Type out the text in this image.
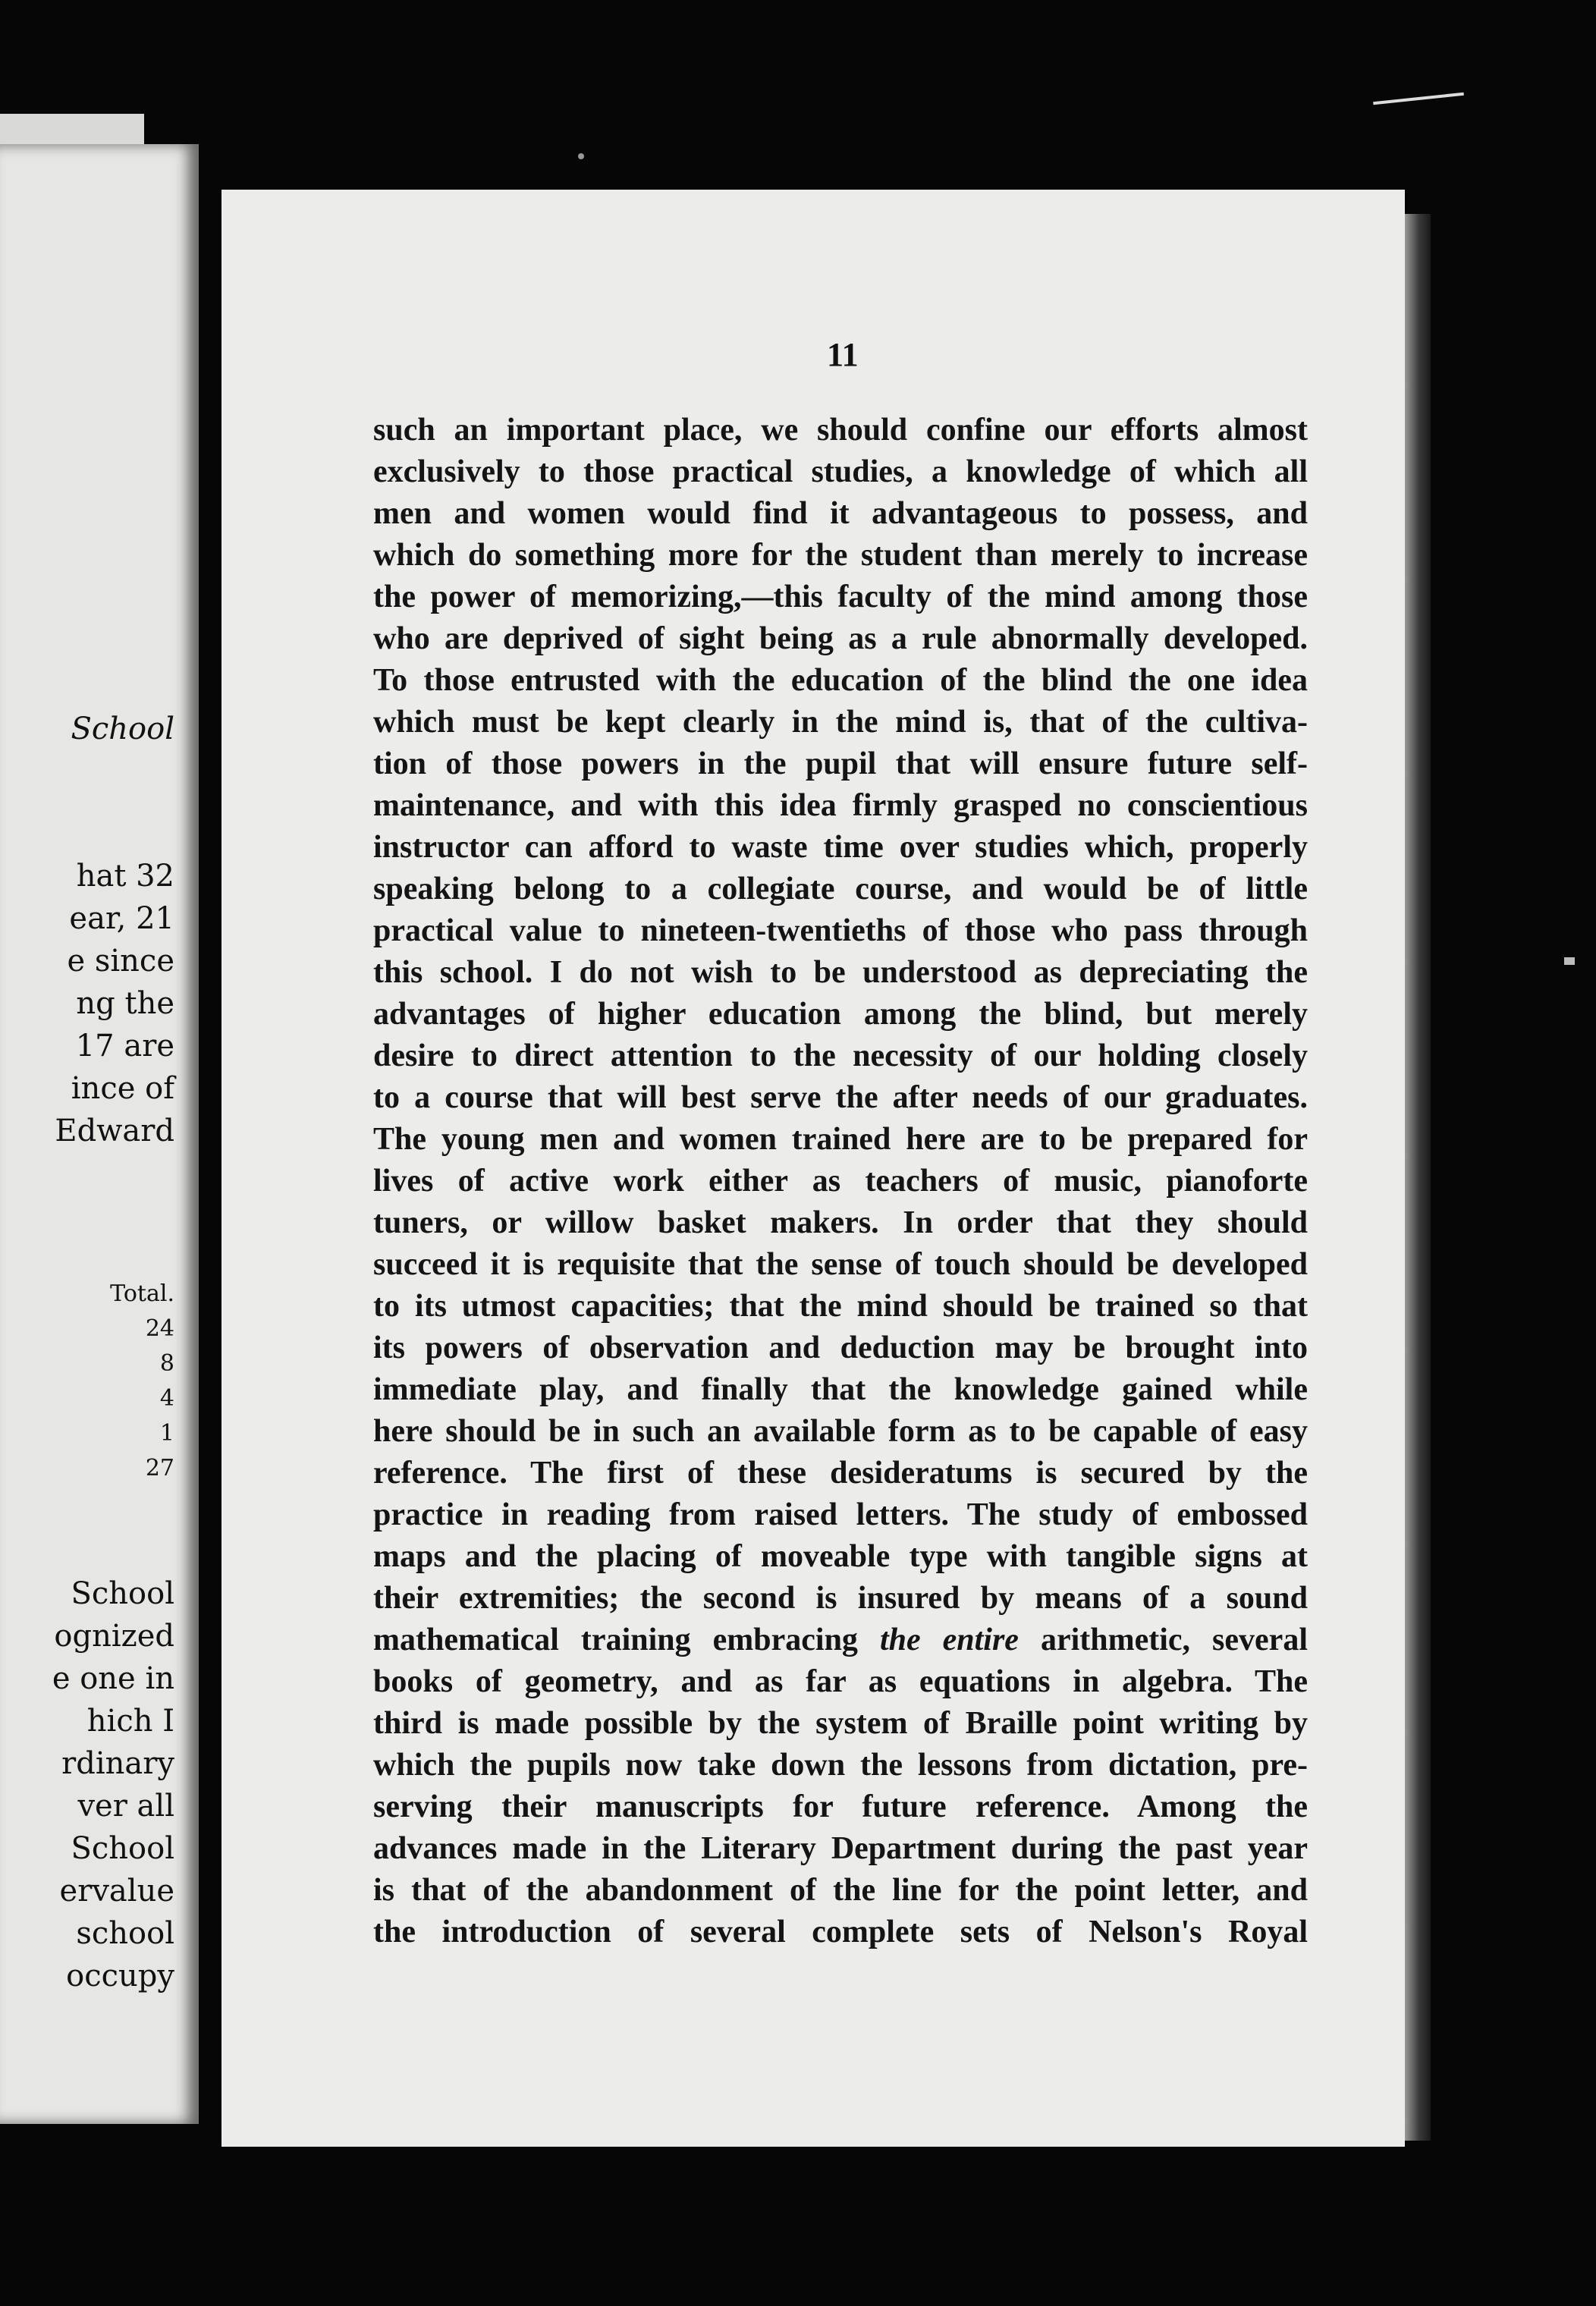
School
hat 32
ear, 21
e since
ng the
17 are
ince of
Edward
Total.
24
8
4
1
27
School
ognized
e one in
hich I
rdinary
ver all
School
ervalue
school
occupy
11
such an important place, we should confine our efforts almost
exclusively to those practical studies, a knowledge of which all
men and women would find it advantageous to possess, and
which do something more for the student than merely to increase
the power of memorizing,—this faculty of the mind among those
who are deprived of sight being as a rule abnormally developed.
To those entrusted with the education of the blind the one idea
which must be kept clearly in the mind is, that of the cultiva-
tion of those powers in the pupil that will ensure future self-
maintenance, and with this idea firmly grasped no conscientious
instructor can afford to waste time over studies which, properly
speaking belong to a collegiate course, and would be of little
practical value to nineteen-twentieths of those who pass through
this school. I do not wish to be understood as depreciating the
advantages of higher education among the blind, but merely
desire to direct attention to the necessity of our holding closely
to a course that will best serve the after needs of our graduates.
The young men and women trained here are to be prepared for
lives of active work either as teachers of music, pianoforte
tuners, or willow basket makers. In order that they should
succeed it is requisite that the sense of touch should be developed
to its utmost capacities; that the mind should be trained so that
its powers of observation and deduction may be brought into
immediate play, and finally that the knowledge gained while
here should be in such an available form as to be capable of easy
reference. The first of these desideratums is secured by the
practice in reading from raised letters. The study of embossed
maps and the placing of moveable type with tangible signs at
their extremities; the second is insured by means of a sound
mathematical training embracing the entire arithmetic, several
books of geometry, and as far as equations in algebra. The
third is made possible by the system of Braille point writing by
which the pupils now take down the lessons from dictation, pre-
serving their manuscripts for future reference. Among the
advances made in the Literary Department during the past year
is that of the abandonment of the line for the point letter, and
the introduction of several complete sets of Nelson's Royal
